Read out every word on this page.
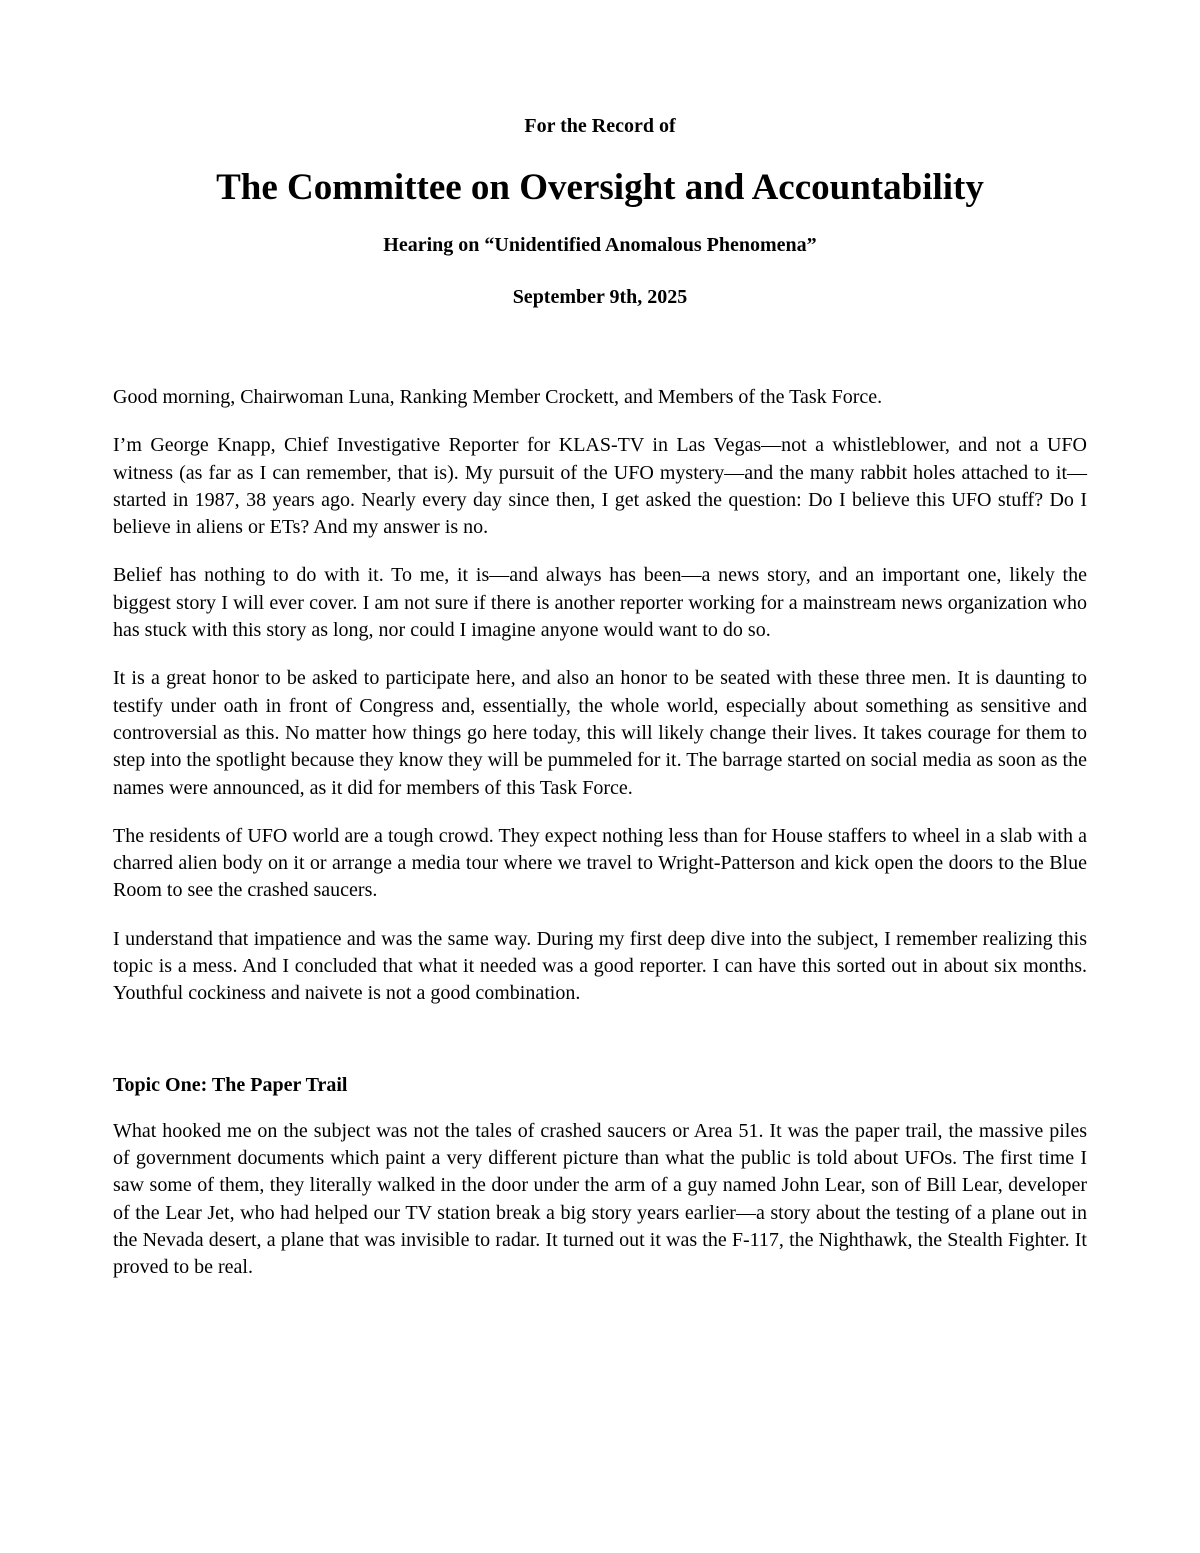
For the Record of

The Committee on Oversight and Accountability

Hearing on “Unidentified Anomalous Phenomena”

September 9th, 2025

Good morning, Chairwoman Luna, Ranking Member Crockett, and Members of the Task Force.

I’m George Knapp, Chief Investigative Reporter for KLAS-TV in Las Vegas—not a whistleblower, and not a UFO witness (as far as I can remember, that is). My pursuit of the UFO mystery—and the many rabbit holes attached to it—started in 1987, 38 years ago. Nearly every day since then, I get asked the question: Do I believe this UFO stuff? Do I believe in aliens or ETs? And my answer is no.

Belief has nothing to do with it. To me, it is—and always has been—a news story, and an important one, likely the biggest story I will ever cover. I am not sure if there is another reporter working for a mainstream news organization who has stuck with this story as long, nor could I imagine anyone would want to do so.

It is a great honor to be asked to participate here, and also an honor to be seated with these three men. It is daunting to testify under oath in front of Congress and, essentially, the whole world, especially about something as sensitive and controversial as this. No matter how things go here today, this will likely change their lives. It takes courage for them to step into the spotlight because they know they will be pummeled for it. The barrage started on social media as soon as the names were announced, as it did for members of this Task Force.

The residents of UFO world are a tough crowd. They expect nothing less than for House staffers to wheel in a slab with a charred alien body on it or arrange a media tour where we travel to Wright-Patterson and kick open the doors to the Blue Room to see the crashed saucers.

I understand that impatience and was the same way. During my first deep dive into the subject, I remember realizing this topic is a mess. And I concluded that what it needed was a good reporter. I can have this sorted out in about six months. Youthful cockiness and naivete is not a good combination.

Topic One: The Paper Trail

What hooked me on the subject was not the tales of crashed saucers or Area 51. It was the paper trail, the massive piles of government documents which paint a very different picture than what the public is told about UFOs. The first time I saw some of them, they literally walked in the door under the arm of a guy named John Lear, son of Bill Lear, developer of the Lear Jet, who had helped our TV station break a big story years earlier—a story about the testing of a plane out in the Nevada desert, a plane that was invisible to radar. It turned out it was the F-117, the Nighthawk, the Stealth Fighter. It proved to be real.
